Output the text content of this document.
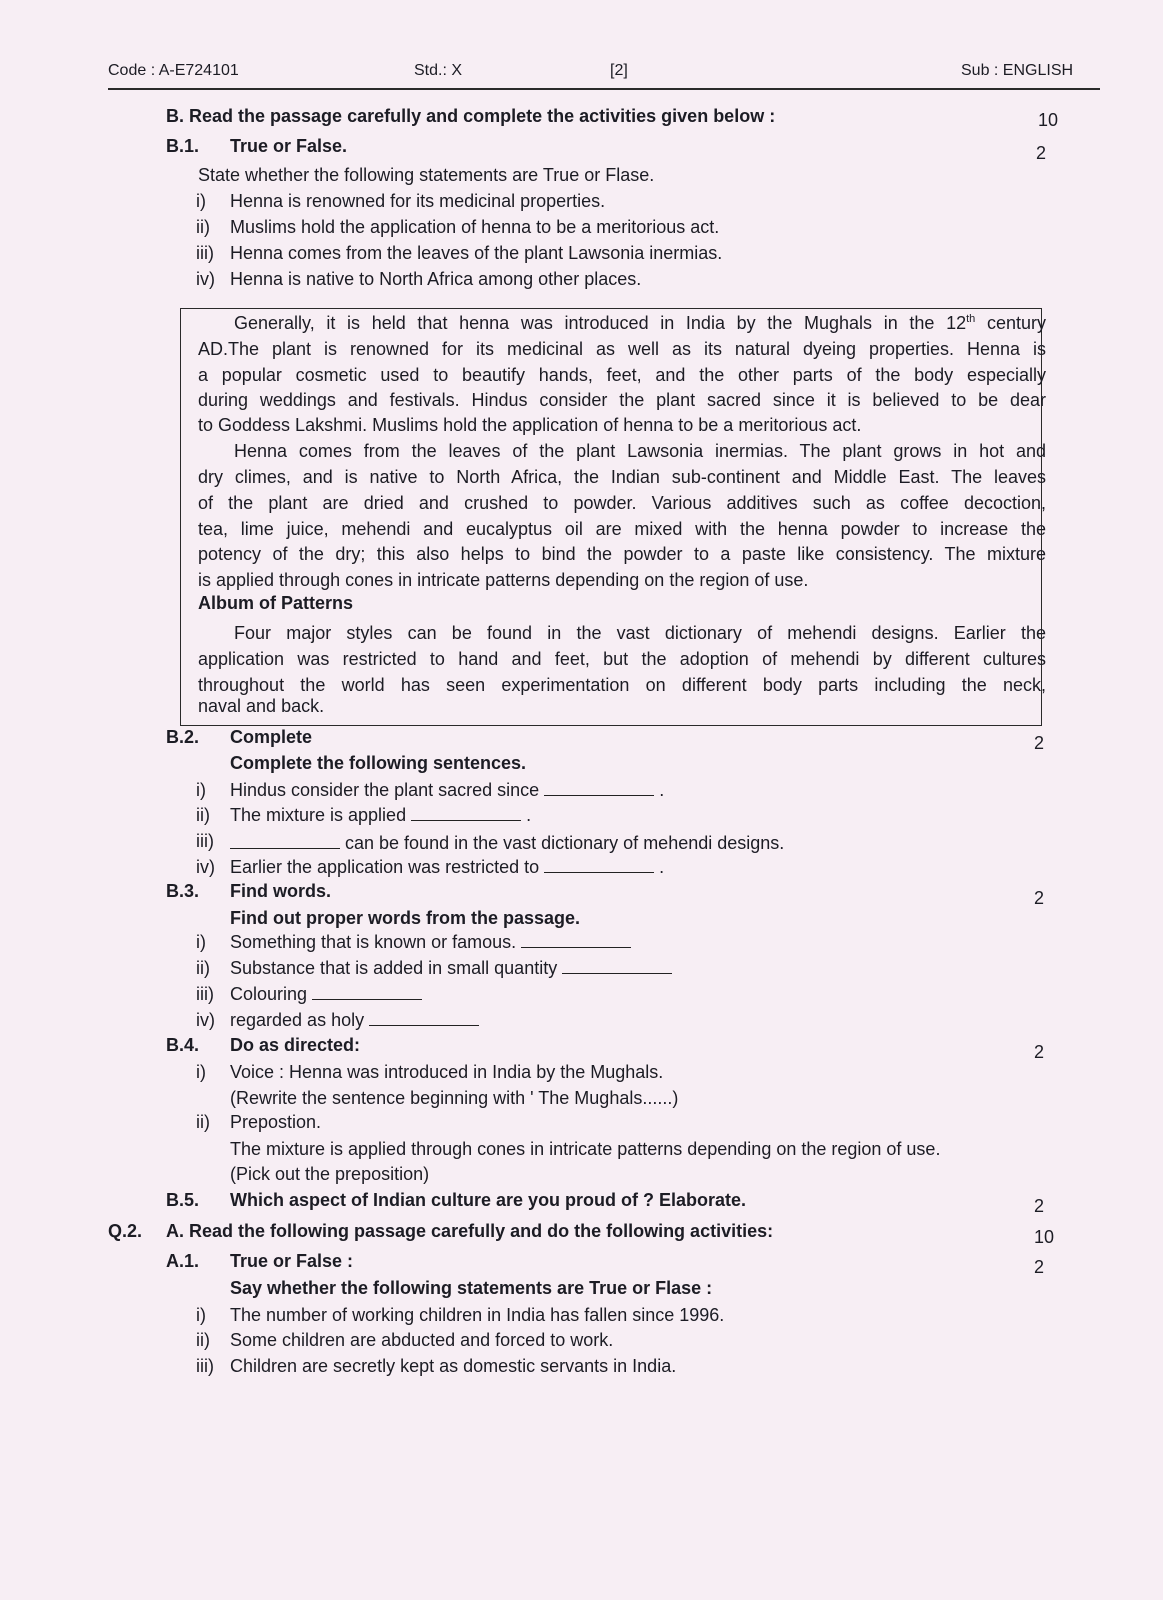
Code : A-E724101	Std.: X	[2]	Sub : ENGLISH
B. Read the passage carefully and complete the activities given below :	10
B.1. True or False.	2
State whether the following statements are True or Flase.
i) Henna is renowned for its medicinal properties.
ii) Muslims hold the application of henna to be a meritorious act.
iii) Henna comes from the leaves of the plant Lawsonia inermias.
iv) Henna is native to North Africa among other places.
Generally, it is held that henna was introduced in India by the Mughals in the 12th century
AD.The plant is renowned for its medicinal as well as its natural dyeing properties. Henna is
a popular cosmetic used to beautify hands, feet, and the other parts of the body especially
during weddings and festivals. Hindus consider the plant sacred since it is believed to be dear
to Goddess Lakshmi. Muslims hold the application of henna to be a meritorious act.
Henna comes from the leaves of the plant Lawsonia inermias. The plant grows in hot and
dry climes, and is native to North Africa, the Indian sub-continent and Middle East. The leaves
of the plant are dried and crushed to powder. Various additives such as coffee decoction,
tea, lime juice, mehendi and eucalyptus oil are mixed with the henna powder to increase the
potency of the dry; this also helps to bind the powder to a paste like consistency. The mixture
is applied through cones in intricate patterns depending on the region of use.
Album of Patterns
Four major styles can be found in the vast dictionary of mehendi designs. Earlier the
application was restricted to hand and feet, but the adoption of mehendi by different cultures
throughout the world has seen experimentation on different body parts including the neck,
naval and back.
B.2. Complete	2
Complete the following sentences.
i) Hindus consider the plant sacred since	.
ii) The mixture is applied	.
iii)	can be found in the vast dictionary of mehendi designs.
iv) Earlier the application was restricted to	.
B.3. Find words.	2
Find out proper words from the passage.
i) Something that is known or famous.
ii) Substance that is added in small quantity
iii) Colouring
iv) regarded as holy
B.4. Do as directed:	2
i) Voice : Henna was introduced in India by the Mughals.
(Rewrite the sentence beginning with ' The Mughals......)
ii) Prepostion.
The mixture is applied through cones in intricate patterns depending on the region of use.
(Pick out the preposition)
B.5. Which aspect of Indian culture are you proud of ? Elaborate.	2
Q.2. A. Read the following passage carefully and do the following activities:	10
A.1. True or False :	2
Say whether the following statements are True or Flase :
i) The number of working children in India has fallen since 1996.
ii) Some children are abducted and forced to work.
iii) Children are secretly kept as domestic servants in India.
